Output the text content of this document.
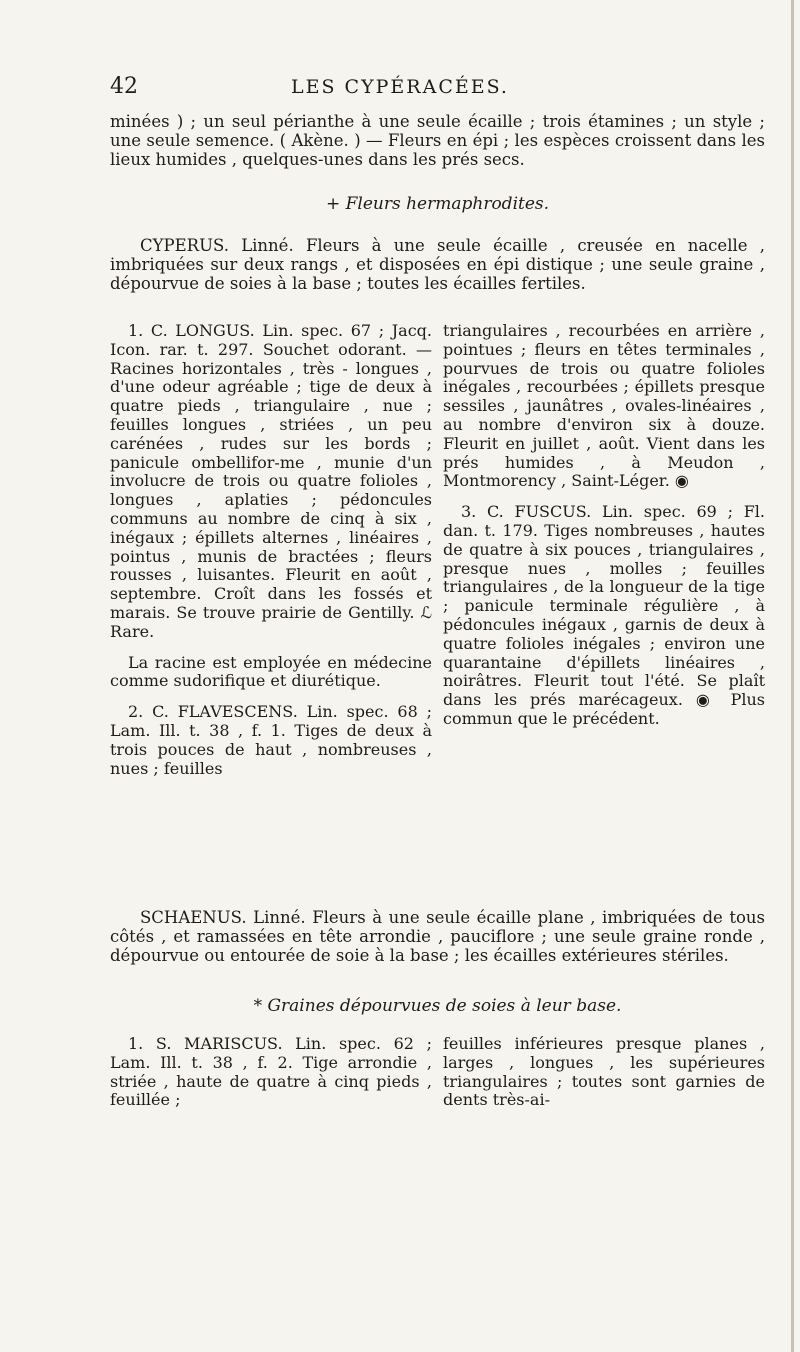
42	LES CYPÉRACÉES.
minées ) ; un seul périanthe à une seule écaille ; trois étamines ; un style ; une seule semence. ( Akène. ) — Fleurs en épi ; les espèces croissent dans les lieux humides , quelques-unes dans les prés secs.
+ Fleurs hermaphrodites.
CYPERUS. Linné. Fleurs à une seule écaille , creusée en nacelle , imbriquées sur deux rangs , et disposées en épi distique ; une seule graine , dépourvue de soies à la base ; toutes les écailles fertiles.

1. C. LONGUS. Lin. spec. 67 ; Jacq. Icon. rar. t. 297. Souchet odorant. — Racines horizontales , très - longues , d'une odeur agréable ; tige de deux à quatre pieds , triangulaire , nue ; feuilles longues , striées , un peu carénées , rudes sur les bords ; panicule ombellifor-me , munie d'un involucre de trois ou quatre folioles , longues , aplaties ; pédoncules communs au nombre de cinq à six , inégaux ; épillets alternes , linéaires , pointus , munis de bractées ; fleurs rousses , luisantes. Fleurit en août , septembre. Croît dans les fossés et marais. Se trouve prairie de Gentilly. ℒ Rare.

La racine est employée en médecine comme sudorifique et diurétique.

2. C. FLAVESCENS. Lin. spec. 68 ; Lam. Ill. t. 38 , f. 1. Tiges de deux à trois pouces de haut , nombreuses , nues ; feuilles

triangulaires , recourbées en arrière , pointues ; fleurs en têtes terminales , pourvues de trois ou quatre folioles inégales , recourbées ; épillets presque sessiles , jaunâtres , ovales-linéaires , au nombre d'environ six à douze. Fleurit en juillet , août. Vient dans les prés humides , à Meudon , Montmorency , Saint-Léger. ◉

3. C. FUSCUS. Lin. spec. 69 ; Fl. dan. t. 179. Tiges nombreuses , hautes de quatre à six pouces , triangulaires , presque nues , molles ; feuilles triangulaires , de la longueur de la tige ; panicule terminale régulière , à pédoncules inégaux , garnis de deux à quatre folioles inégales ; environ une quarantaine d'épillets linéaires , noirâtres. Fleurit tout l'été. Se plaît dans les prés marécageux. ◉ Plus commun que le précédent.

SCHAENUS. Linné. Fleurs à une seule écaille plane , imbriquées de tous côtés , et ramassées en tête arrondie , pauciflore ; une seule graine ronde , dépourvue ou entourée de soie à la base ; les écailles extérieures stériles.
* Graines dépourvues de soies à leur base.

1. S. MARISCUS. Lin. spec. 62 ; Lam. Ill. t. 38 , f. 2. Tige arrondie , striée , haute de quatre à cinq pieds , feuillée ;

feuilles inférieures presque planes , larges , longues , les supérieures triangulaires ; toutes sont garnies de dents très-ai-
